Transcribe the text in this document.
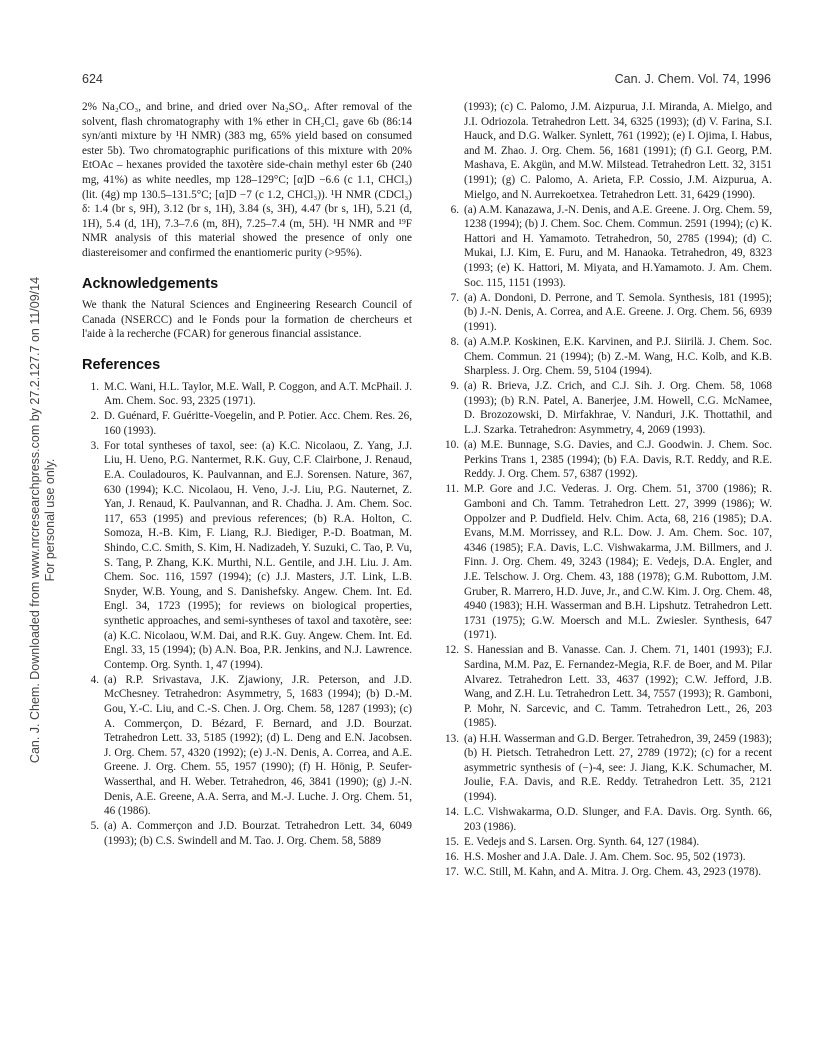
624	Can. J. Chem. Vol. 74, 1996
Can. J. Chem. Downloaded from www.nrcresearchpress.com by 27.2.127.7 on 11/09/14 For personal use only.

2% Na₂CO₃, and brine, and dried over Na₂SO₄. After removal of the solvent, flash chromatography with 1% ether in CH₂Cl₂ gave 6b (86:14 syn/anti mixture by ¹H NMR) (383 mg, 65% yield based on consumed ester 5b). Two chromatographic purifications of this mixture with 20% EtOAc – hexanes provided the taxotère side-chain methyl ester 6b (240 mg, 41%) as white needles, mp 128–129°C; [α]D −6.6 (c 1.1, CHCl₃) (lit. (4g) mp 130.5–131.5°C; [α]D −7 (c 1.2, CHCl₃)). ¹H NMR (CDCl₃) δ: 1.4 (br s, 9H), 3.12 (br s, 1H), 3.84 (s, 3H), 4.47 (br s, 1H), 5.21 (d, 1H), 5.4 (d, 1H), 7.3–7.6 (m, 8H), 7.25–7.4 (m, 5H). ¹H NMR and ¹⁹F NMR analysis of this material showed the presence of only one diastereisomer and confirmed the enantiomeric purity (>95%).

Acknowledgements

We thank the Natural Sciences and Engineering Research Council of Canada (NSERCC) and le Fonds pour la formation de chercheurs et l'aide à la recherche (FCAR) for generous financial assistance.

References
1. M.C. Wani, H.L. Taylor, M.E. Wall, P. Coggon, and A.T. McPhail. J. Am. Chem. Soc. 93, 2325 (1971).
2. D. Guénard, F. Guéritte-Voegelin, and P. Potier. Acc. Chem. Res. 26, 160 (1993).
3. For total syntheses of taxol, see: (a) K.C. Nicolaou, Z. Yang, J.J. Liu, H. Ueno, P.G. Nantermet, R.K. Guy, C.F. Clairbone, J. Renaud, E.A. Couladouros, K. Paulvannan, and E.J. Sorensen. Nature, 367, 630 (1994); K.C. Nicolaou, H. Veno, J.-J. Liu, P.G. Nauternet, Z. Yan, J. Renaud, K. Paulvannan, and R. Chadha. J. Am. Chem. Soc. 117, 653 (1995) and previous references; (b) R.A. Holton, C. Somoza, H.-B. Kim, F. Liang, R.J. Biediger, P.-D. Boatman, M. Shindo, C.C. Smith, S. Kim, H. Nadizadeh, Y. Suzuki, C. Tao, P. Vu, S. Tang, P. Zhang, K.K. Murthi, N.L. Gentile, and J.H. Liu. J. Am. Chem. Soc. 116, 1597 (1994); (c) J.J. Masters, J.T. Link, L.B. Snyder, W.B. Young, and S. Danishefsky. Angew. Chem. Int. Ed. Engl. 34, 1723 (1995); for reviews on biological properties, synthetic approaches, and semi-syntheses of taxol and taxotère, see: (a) K.C. Nicolaou, W.M. Dai, and R.K. Guy. Angew. Chem. Int. Ed. Engl. 33, 15 (1994); (b) A.N. Boa, P.R. Jenkins, and N.J. Lawrence. Contemp. Org. Synth. 1, 47 (1994).
4. (a) R.P. Srivastava, J.K. Zjawiony, J.R. Peterson, and J.D. McChesney. Tetrahedron: Asymmetry, 5, 1683 (1994); (b) D.-M. Gou, Y.-C. Liu, and C.-S. Chen. J. Org. Chem. 58, 1287 (1993); (c) A. Commerçon, D. Bézard, F. Bernard, and J.D. Bourzat. Tetrahedron Lett. 33, 5185 (1992); (d) L. Deng and E.N. Jacobsen. J. Org. Chem. 57, 4320 (1992); (e) J.-N. Denis, A. Correa, and A.E. Greene. J. Org. Chem. 55, 1957 (1990); (f) H. Hönig, P. Seufer-Wasserthal, and H. Weber. Tetrahedron, 46, 3841 (1990); (g) J.-N. Denis, A.E. Greene, A.A. Serra, and M.-J. Luche. J. Org. Chem. 51, 46 (1986).
5. (a) A. Commerçon and J.D. Bourzat. Tetrahedron Lett. 34, 6049 (1993); (b) C.S. Swindell and M. Tao. J. Org. Chem. 58, 5889
(1993); (c) C. Palomo, J.M. Aizpurua, J.I. Miranda, A. Mielgo, and J.I. Odriozola. Tetrahedron Lett. 34, 6325 (1993); (d) V. Farina, S.I. Hauck, and D.G. Walker. Synlett, 761 (1992); (e) I. Ojima, I. Habus, and M. Zhao. J. Org. Chem. 56, 1681 (1991); (f) G.I. Georg, P.M. Mashava, E. Akgün, and M.W. Milstead. Tetrahedron Lett. 32, 3151 (1991); (g) C. Palomo, A. Arieta, F.P. Cossio, J.M. Aizpurua, A. Mielgo, and N. Aurrekoetxea. Tetrahedron Lett. 31, 6429 (1990).
6. (a) A.M. Kanazawa, J.-N. Denis, and A.E. Greene. J. Org. Chem. 59, 1238 (1994); (b) J. Chem. Soc. Chem. Commun. 2591 (1994); (c) K. Hattori and H. Yamamoto. Tetrahedron, 50, 2785 (1994); (d) C. Mukai, I.J. Kim, E. Furu, and M. Hanaoka. Tetrahedron, 49, 8323 (1993; (e) K. Hattori, M. Miyata, and H.Yamamoto. J. Am. Chem. Soc. 115, 1151 (1993).
7. (a) A. Dondoni, D. Perrone, and T. Semola. Synthesis, 181 (1995); (b) J.-N. Denis, A. Correa, and A.E. Greene. J. Org. Chem. 56, 6939 (1991).
8. (a) A.M.P. Koskinen, E.K. Karvinen, and P.J. Siirilä. J. Chem. Soc. Chem. Commun. 21 (1994); (b) Z.-M. Wang, H.C. Kolb, and K.B. Sharpless. J. Org. Chem. 59, 5104 (1994).
9. (a) R. Brieva, J.Z. Crich, and C.J. Sih. J. Org. Chem. 58, 1068 (1993); (b) R.N. Patel, A. Banerjee, J.M. Howell, C.G. McNamee, D. Brozozowski, D. Mirfakhrae, V. Nanduri, J.K. Thottathil, and L.J. Szarka. Tetrahedron: Asymmetry, 4, 2069 (1993).
10. (a) M.E. Bunnage, S.G. Davies, and C.J. Goodwin. J. Chem. Soc. Perkins Trans 1, 2385 (1994); (b) F.A. Davis, R.T. Reddy, and R.E. Reddy. J. Org. Chem. 57, 6387 (1992).
11. M.P. Gore and J.C. Vederas. J. Org. Chem. 51, 3700 (1986); R. Gamboni and Ch. Tamm. Tetrahedron Lett. 27, 3999 (1986); W. Oppolzer and P. Dudfield. Helv. Chim. Acta, 68, 216 (1985); D.A. Evans, M.M. Morrissey, and R.L. Dow. J. Am. Chem. Soc. 107, 4346 (1985); F.A. Davis, L.C. Vishwakarma, J.M. Billmers, and J. Finn. J. Org. Chem. 49, 3243 (1984); E. Vedejs, D.A. Engler, and J.E. Telschow. J. Org. Chem. 43, 188 (1978); G.M. Rubottom, J.M. Gruber, R. Marrero, H.D. Juve, Jr., and C.W. Kim. J. Org. Chem. 48, 4940 (1983); H.H. Wasserman and B.H. Lipshutz. Tetrahedron Lett. 1731 (1975); G.W. Moersch and M.L. Zwiesler. Synthesis, 647 (1971).
12. S. Hanessian and B. Vanasse. Can. J. Chem. 71, 1401 (1993); F.J. Sardina, M.M. Paz, E. Fernandez-Megia, R.F. de Boer, and M. Pilar Alvarez. Tetrahedron Lett. 33, 4637 (1992); C.W. Jefford, J.B. Wang, and Z.H. Lu. Tetrahedron Lett. 34, 7557 (1993); R. Gamboni, P. Mohr, N. Sarcevic, and C. Tamm. Tetrahedron Lett., 26, 203 (1985).
13. (a) H.H. Wasserman and G.D. Berger. Tetrahedron, 39, 2459 (1983); (b) H. Pietsch. Tetrahedron Lett. 27, 2789 (1972); (c) for a recent asymmetric synthesis of (−)-4, see: J. Jiang, K.K. Schumacher, M. Joulie, F.A. Davis, and R.E. Reddy. Tetrahedron Lett. 35, 2121 (1994).
14. L.C. Vishwakarma, O.D. Slunger, and F.A. Davis. Org. Synth. 66, 203 (1986).
15. E. Vedejs and S. Larsen. Org. Synth. 64, 127 (1984).
16. H.S. Mosher and J.A. Dale. J. Am. Chem. Soc. 95, 502 (1973).
17. W.C. Still, M. Kahn, and A. Mitra. J. Org. Chem. 43, 2923 (1978).
